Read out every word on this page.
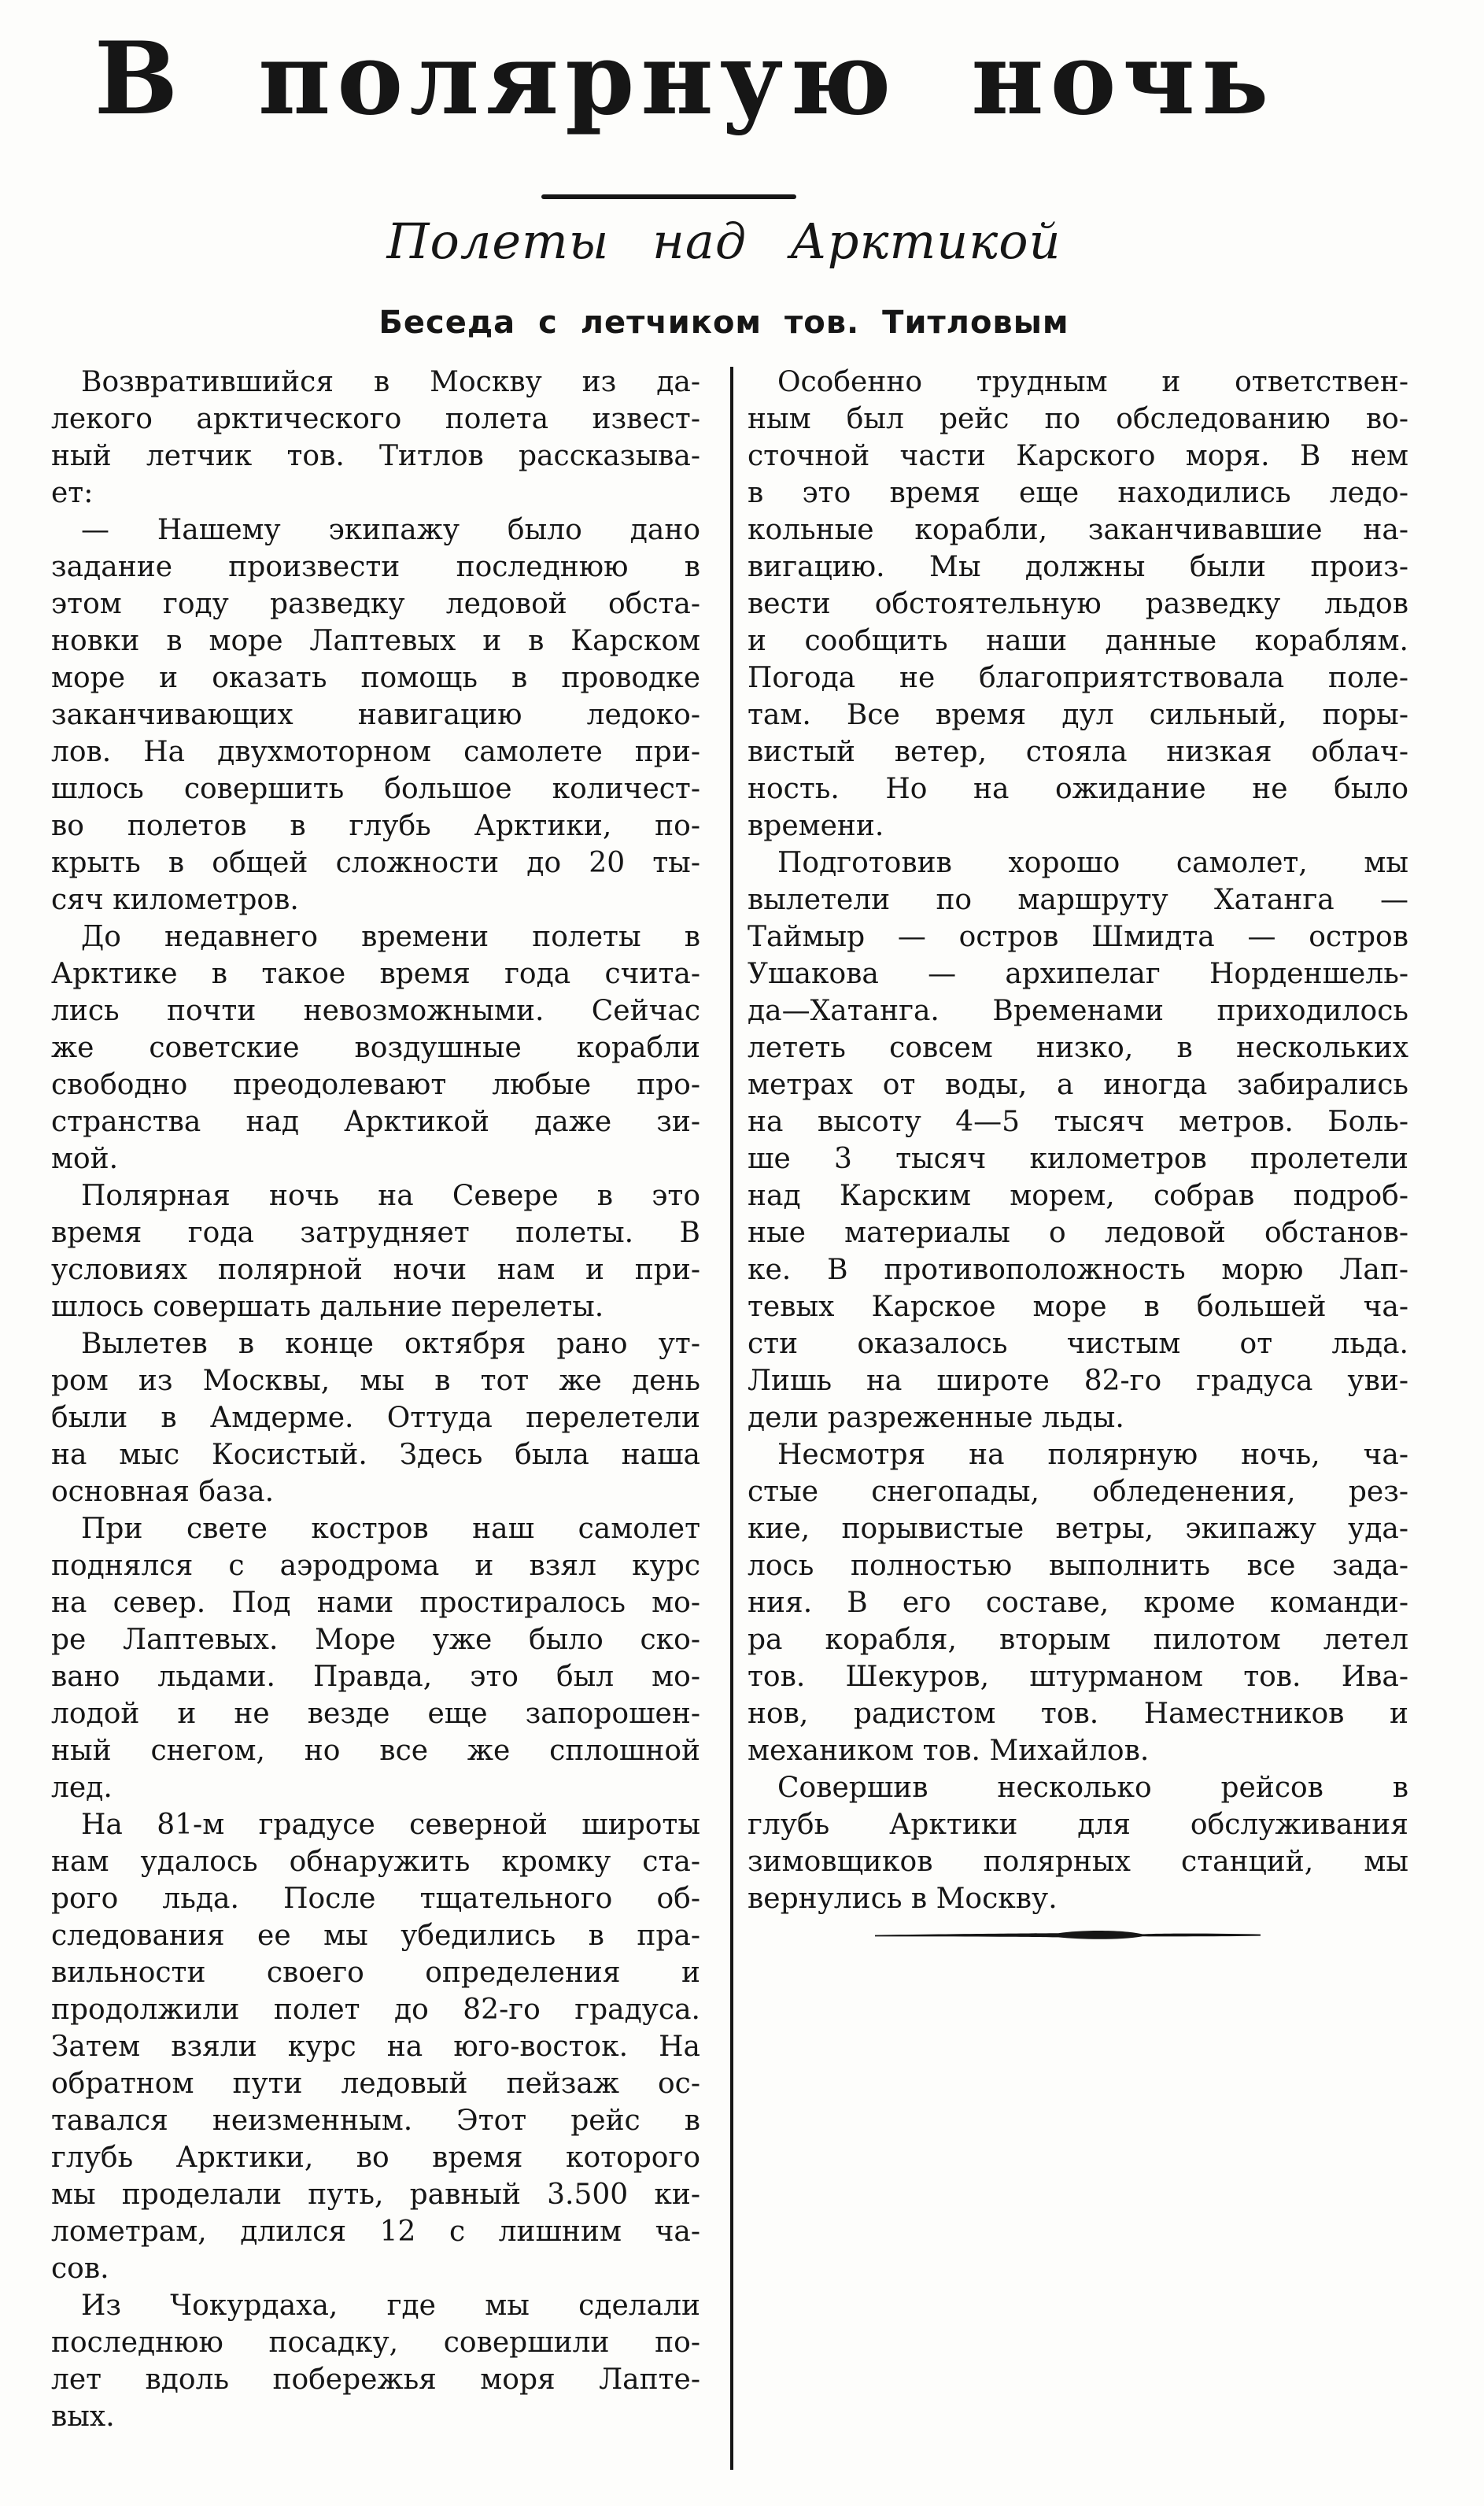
В полярную ночь
Полеты над Арктикой
Беседа с летчиком тов. Титловым
Возвратившийся в Москву из да-
лекого арктического полета извест-
ный летчик тов. Титлов рассказыва-
ет:
— Нашему экипажу было дано
задание произвести последнюю в
этом году разведку ледовой обста-
новки в море Лаптевых и в Карском
море и оказать помощь в проводке
заканчивающих навигацию ледоко-
лов. На двухмоторном самолете при-
шлось совершить большое количест-
во полетов в глубь Арктики, по-
крыть в общей сложности до 20 ты-
сяч километров.
До недавнего времени полеты в
Арктике в такое время года счита-
лись почти невозможными. Сейчас
же советские воздушные корабли
свободно преодолевают любые про-
странства над Арктикой даже зи-
мой.
Полярная ночь на Севере в это
время года затрудняет полеты. В
условиях полярной ночи нам и при-
шлось совершать дальние перелеты.
Вылетев в конце октября рано ут-
ром из Москвы, мы в тот же день
были в Амдерме. Оттуда перелетели
на мыс Косистый. Здесь была наша
основная база.
При свете костров наш самолет
поднялся с аэродрома и взял курс
на север. Под нами простиралось мо-
ре Лаптевых. Море уже было ско-
вано льдами. Правда, это был мо-
лодой и не везде еще запорошен-
ный снегом, но все же сплошной
лед.
На 81-м градусе северной широты
нам удалось обнаружить кромку ста-
рого льда. После тщательного об-
следования ее мы убедились в пра-
вильности своего определения и
продолжили полет до 82-го градуса.
Затем взяли курс на юго-восток. На
обратном пути ледовый пейзаж ос-
тавался неизменным. Этот рейс в
глубь Арктики, во время которого
мы проделали путь, равный 3.500 ки-
лометрам, длился 12 с лишним ча-
сов.
Из Чокурдаха, где мы сделали
последнюю посадку, совершили по-
лет вдоль побережья моря Лапте-
вых.
Особенно трудным и ответствен-
ным был рейс по обследованию во-
сточной части Карского моря. В нем
в это время еще находились ледо-
кольные корабли, заканчивавшие на-
вигацию. Мы должны были произ-
вести обстоятельную разведку льдов
и сообщить наши данные кораблям.
Погода не благоприятствовала поле-
там. Все время дул сильный, поры-
вистый ветер, стояла низкая облач-
ность. Но на ожидание не было
времени.
Подготовив хорошо самолет, мы
вылетели по маршруту Хатанга —
Таймыр — остров Шмидта — остров
Ушакова — архипелаг Норденшель-
да—Хатанга. Временами приходилось
лететь совсем низко, в нескольких
метрах от воды, а иногда забирались
на высоту 4—5 тысяч метров. Боль-
ше 3 тысяч километров пролетели
над Карским морем, собрав подроб-
ные материалы о ледовой обстанов-
ке. В противоположность морю Лап-
тевых Карское море в большей ча-
сти оказалось чистым от льда.
Лишь на широте 82-го градуса уви-
дели разреженные льды.
Несмотря на полярную ночь, ча-
стые снегопады, обледенения, рез-
кие, порывистые ветры, экипажу уда-
лось полностью выполнить все зада-
ния. В его составе, кроме команди-
ра корабля, вторым пилотом летел
тов. Шекуров, штурманом тов. Ива-
нов, радистом тов. Наместников и
механиком тов. Михайлов.
Совершив несколько рейсов в
глубь Арктики для обслуживания
зимовщиков полярных станций, мы
вернулись в Москву.
